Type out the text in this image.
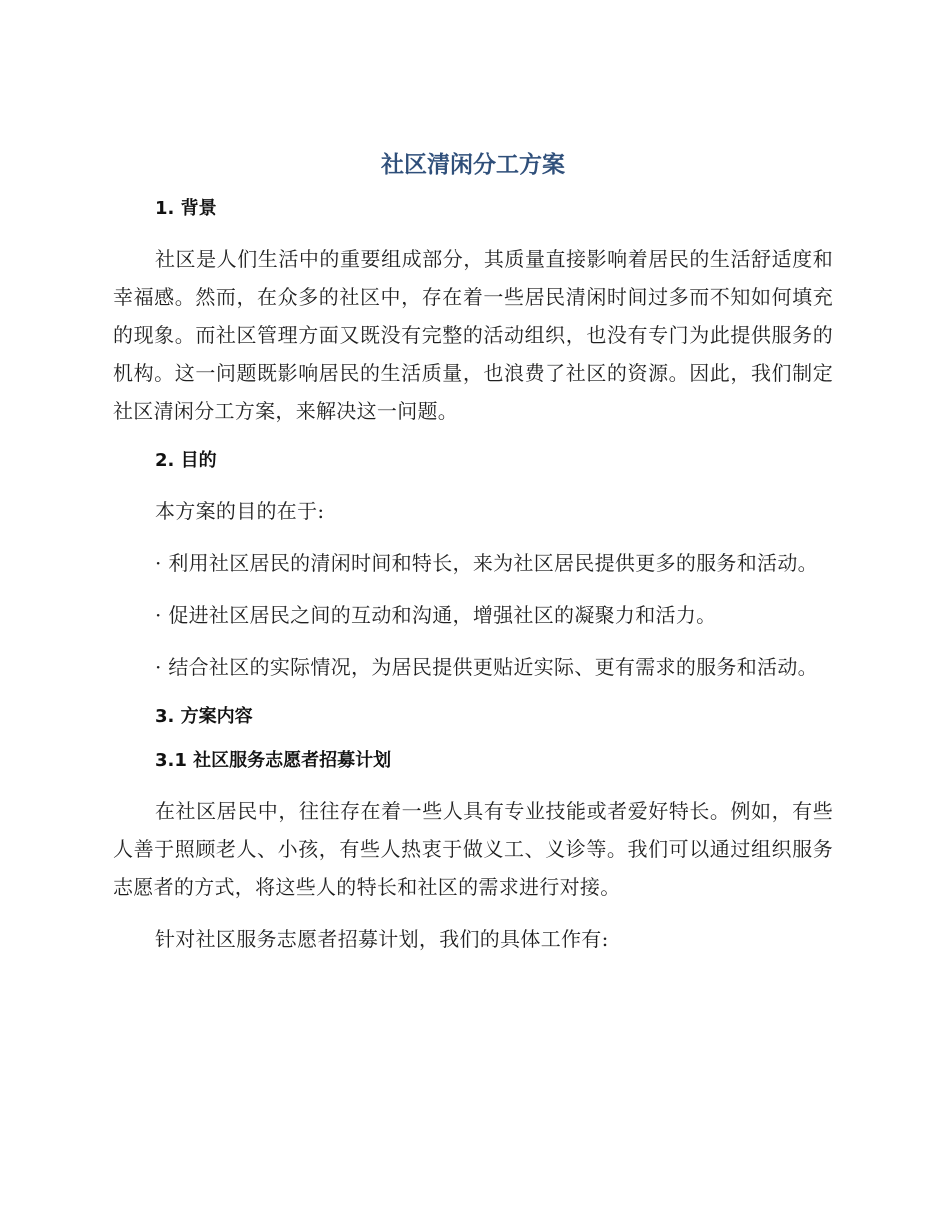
社区清闲分工方案
1. 背景

社区是人们生活中的重要组成部分，其质量直接影响着居民的生活舒适度和幸福感。然而，在众多的社区中，存在着一些居民清闲时间过多而不知如何填充的现象。而社区管理方面又既没有完整的活动组织，也没有专门为此提供服务的机构。这一问题既影响居民的生活质量，也浪费了社区的资源。因此，我们制定社区清闲分工方案，来解决这一问题。

2. 目的

本方案的目的在于:

· 利用社区居民的清闲时间和特长，来为社区居民提供更多的服务和活动。

· 促进社区居民之间的互动和沟通，增强社区的凝聚力和活力。

· 结合社区的实际情况，为居民提供更贴近实际、更有需求的服务和活动。

3. 方案内容
3.1 社区服务志愿者招募计划

在社区居民中，往往存在着一些人具有专业技能或者爱好特长。例如，有些人善于照顾老人、小孩，有些人热衷于做义工、义诊等。我们可以通过组织服务志愿者的方式，将这些人的特长和社区的需求进行对接。

针对社区服务志愿者招募计划，我们的具体工作有:
